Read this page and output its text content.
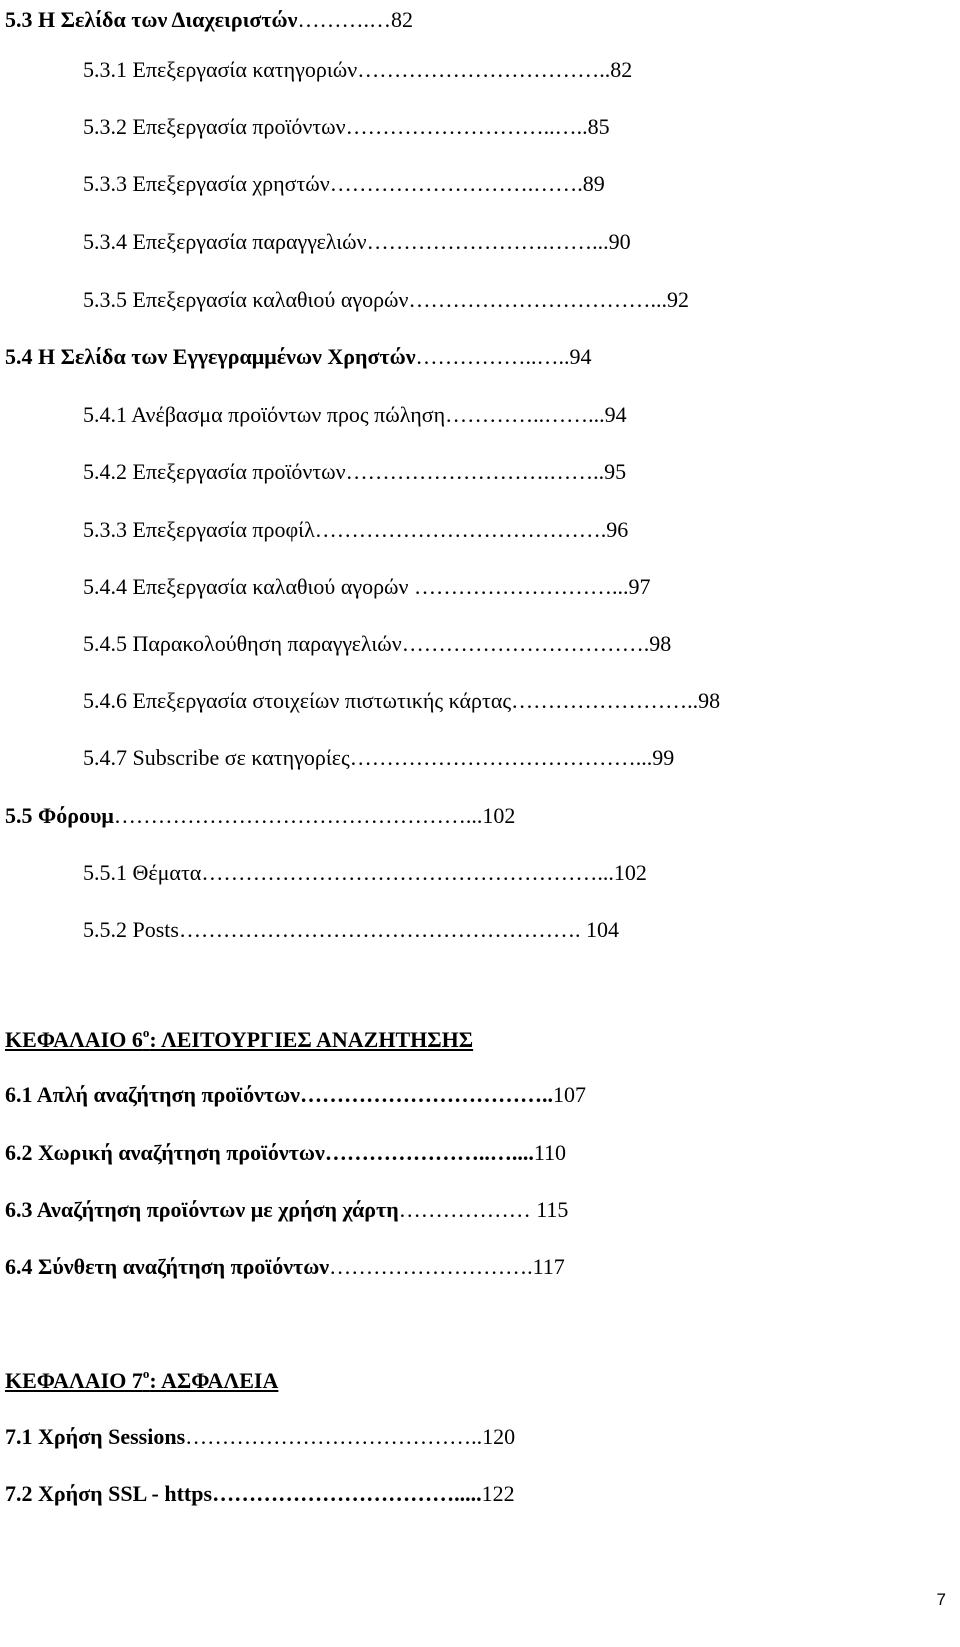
5.3 Η Σελίδα των Διαχειριστών……….…82
5.3.1 Επεξεργασία κατηγοριών……………………………..82
5.3.2 Επεξεργασία προϊόντων………………………..…..85
5.3.3 Επεξεργασία χρηστών……………………….…….89
5.3.4 Επεξεργασία παραγγελιών…………………….……...90
5.3.5 Επεξεργασία καλαθιού αγορών……………………………...92
5.4 Η Σελίδα των Εγγεγραμμένων Χρηστών……………..…..94
5.4.1 Ανέβασμα προϊόντων προς πώληση…………..……...94
5.4.2 Επεξεργασία προϊόντων……………………….……..95
5.3.3 Επεξεργασία προφίλ………………………………….96
5.4.4 Επεξεργασία καλαθιού αγορών ………………………...97
5.4.5 Παρακολούθηση παραγγελιών…………………………….98
5.4.6 Επεξεργασία στοιχείων πιστωτικής κάρτας……………………..98
5.4.7 Subscribe σε κατηγορίες…………………………………...99
5.5 Φόρουμ…………………………………………...102
5.5.1 Θέματα………………………………………………...102
5.5.2 Posts………………………………………………. 104
ΚΕΦΑΛΑΙΟ $6^o$: ΛΕΙΤΟΥΡΓΙΕΣ ΑΝΑΖΗΤΗΣΗΣ
6.1 Απλή αναζήτηση προϊόντων……………………………..107
6.2 Χωρική αναζήτηση προϊόντων…………………..…....110
6.3 Αναζήτηση προϊόντων με χρήση χάρτη……………… 115
6.4 Σύνθετη αναζήτηση προϊόντων……………………….117
ΚΕΦΑΛΑΙΟ $7^o$: ΑΣΦΑΛΕΙΑ
7.1 Χρήση Sessions…………………………………..120
7.2 Χρήση SSL - https…………………………….....122
7
